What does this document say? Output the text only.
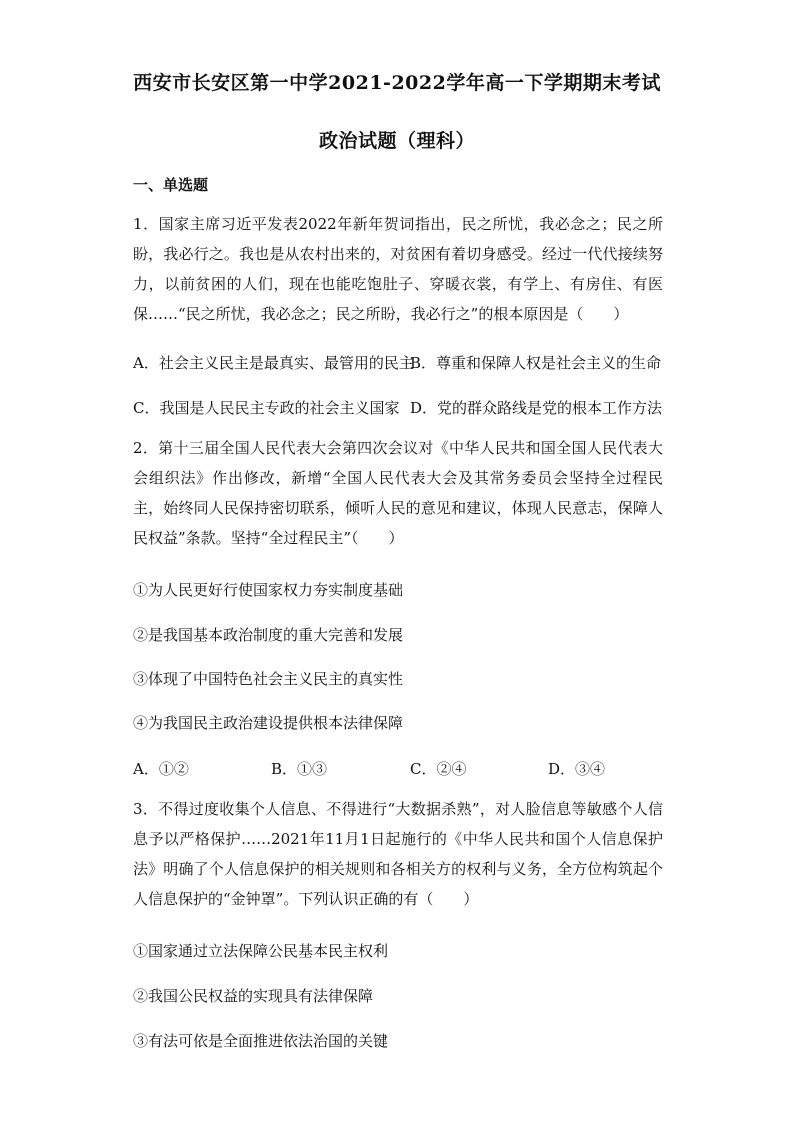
西安市长安区第一中学2021-2022学年高一下学期期末考试
政治试题（理科）
一、单选题
1．国家主席习近平发表2022年新年贺词指出，民之所忧，我必念之；民之所盼，我必行之。我也是从农村出来的，对贫困有着切身感受。经过一代代接续努力，以前贫困的人们，现在也能吃饱肚子、穿暖衣裳，有学上、有房住、有医保……“民之所忧，我必念之；民之所盼，我必行之”的根本原因是（　　）
A．社会主义民主是最真实、最管用的民主
B．尊重和保障人权是社会主义的生命
C．我国是人民民主专政的社会主义国家 D．党的群众路线是党的根本工作方法
2．第十三届全国人民代表大会第四次会议对《中华人民共和国全国人民代表大会组织法》作出修改，新增“全国人民代表大会及其常务委员会坚持全过程民主，始终同人民保持密切联系，倾听人民的意见和建议，体现人民意志，保障人民权益”条款。坚持“全过程民主”（　　）
①为人民更好行使国家权力夯实制度基础
②是我国基本政治制度的重大完善和发展
③体现了中国特色社会主义民主的真实性
④为我国民主政治建设提供根本法律保障
A．①②	B．①③	C．②④	D．③④
3．不得过度收集个人信息、不得进行“大数据杀熟”，对人脸信息等敏感个人信息予以严格保护……2021年11月1日起施行的《中华人民共和国个人信息保护法》明确了个人信息保护的相关规则和各相关方的权利与义务，全方位构筑起个人信息保护的“金钟罩”。下列认识正确的有（　　）
①国家通过立法保障公民基本民主权利
②我国公民权益的实现具有法律保障
③有法可依是全面推进依法治国的关键
